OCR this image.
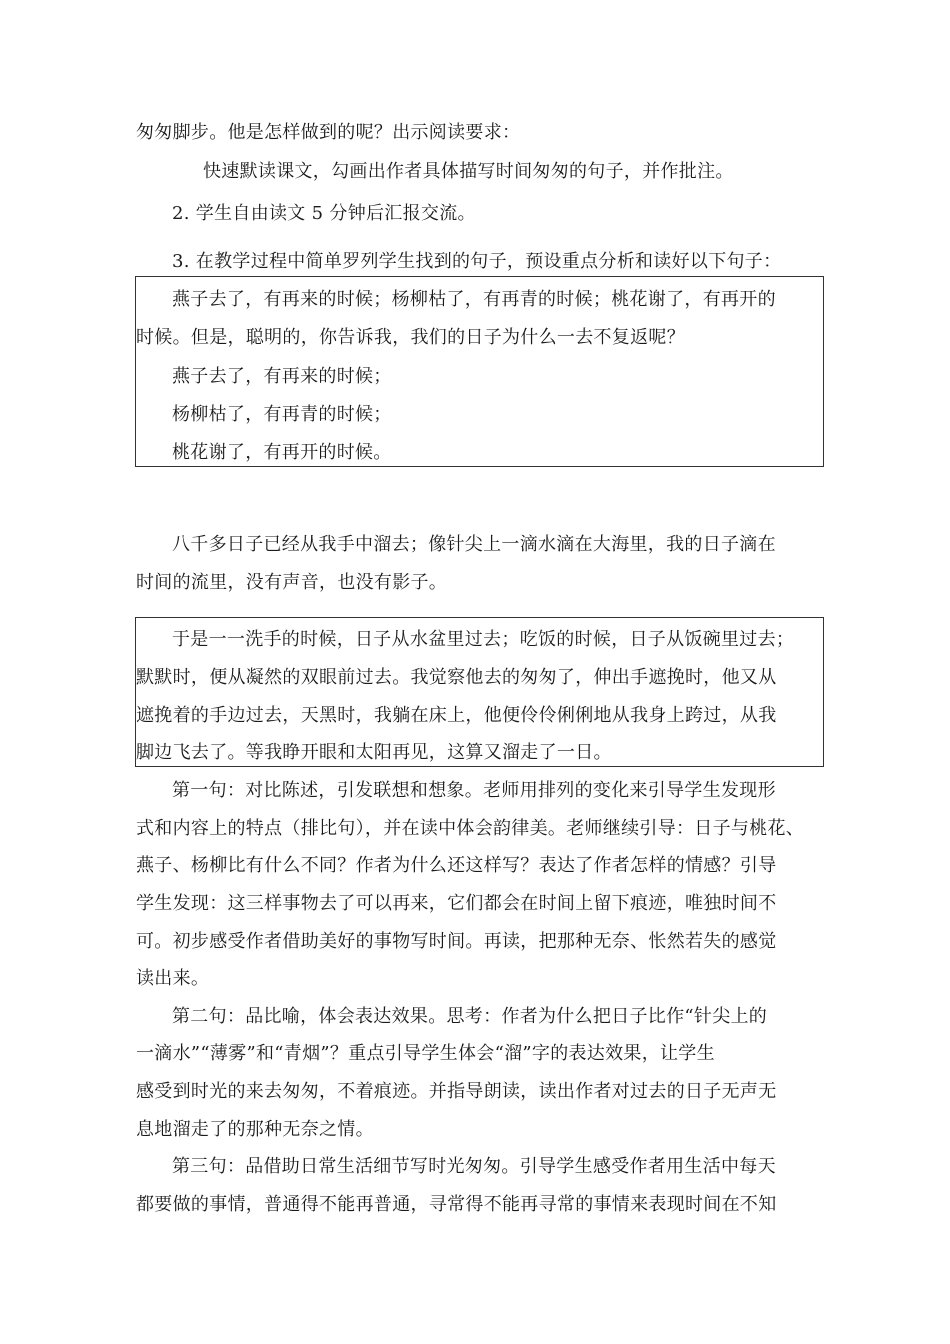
匆匆脚步。他是怎样做到的呢？出示阅读要求：
快速默读课文，勾画出作者具体描写时间匆匆的句子，并作批注。
2. 学生自由读文 5 分钟后汇报交流。
3. 在教学过程中简单罗列学生找到的句子，预设重点分析和读好以下句子：
燕子去了，有再来的时候；杨柳枯了，有再青的时候；桃花谢了，有再开的
时候。但是，聪明的，你告诉我，我们的日子为什么一去不复返呢？
燕子去了，有再来的时候；
杨柳枯了，有再青的时候；
桃花谢了，有再开的时候。
八千多日子已经从我手中溜去；像针尖上一滴水滴在大海里，我的日子滴在
时间的流里，没有声音，也没有影子。
于是一一洗手的时候，日子从水盆里过去；吃饭的时候，日子从饭碗里过去；
默默时，便从凝然的双眼前过去。我觉察他去的匆匆了，伸出手遮挽时，他又从
遮挽着的手边过去，天黑时，我躺在床上，他便伶伶俐俐地从我身上跨过，从我
脚边飞去了。等我睁开眼和太阳再见，这算又溜走了一日。
第一句：对比陈述，引发联想和想象。老师用排列的变化来引导学生发现形
式和内容上的特点（排比句），并在读中体会韵律美。老师继续引导：日子与桃花、
燕子、杨柳比有什么不同？作者为什么还这样写？表达了作者怎样的情感？引导
学生发现：这三样事物去了可以再来，它们都会在时间上留下痕迹，唯独时间不
可。初步感受作者借助美好的事物写时间。再读，把那种无奈、怅然若失的感觉
读出来。
第二句：品比喻，体会表达效果。思考：作者为什么把日子比作“针尖上的
一滴水”“薄雾”和“青烟”？重点引导学生体会“溜”字的表达效果，让学生
感受到时光的来去匆匆，不着痕迹。并指导朗读，读出作者对过去的日子无声无
息地溜走了的那种无奈之情。
第三句：品借助日常生活细节写时光匆匆。引导学生感受作者用生活中每天
都要做的事情，普通得不能再普通，寻常得不能再寻常的事情来表现时间在不知
